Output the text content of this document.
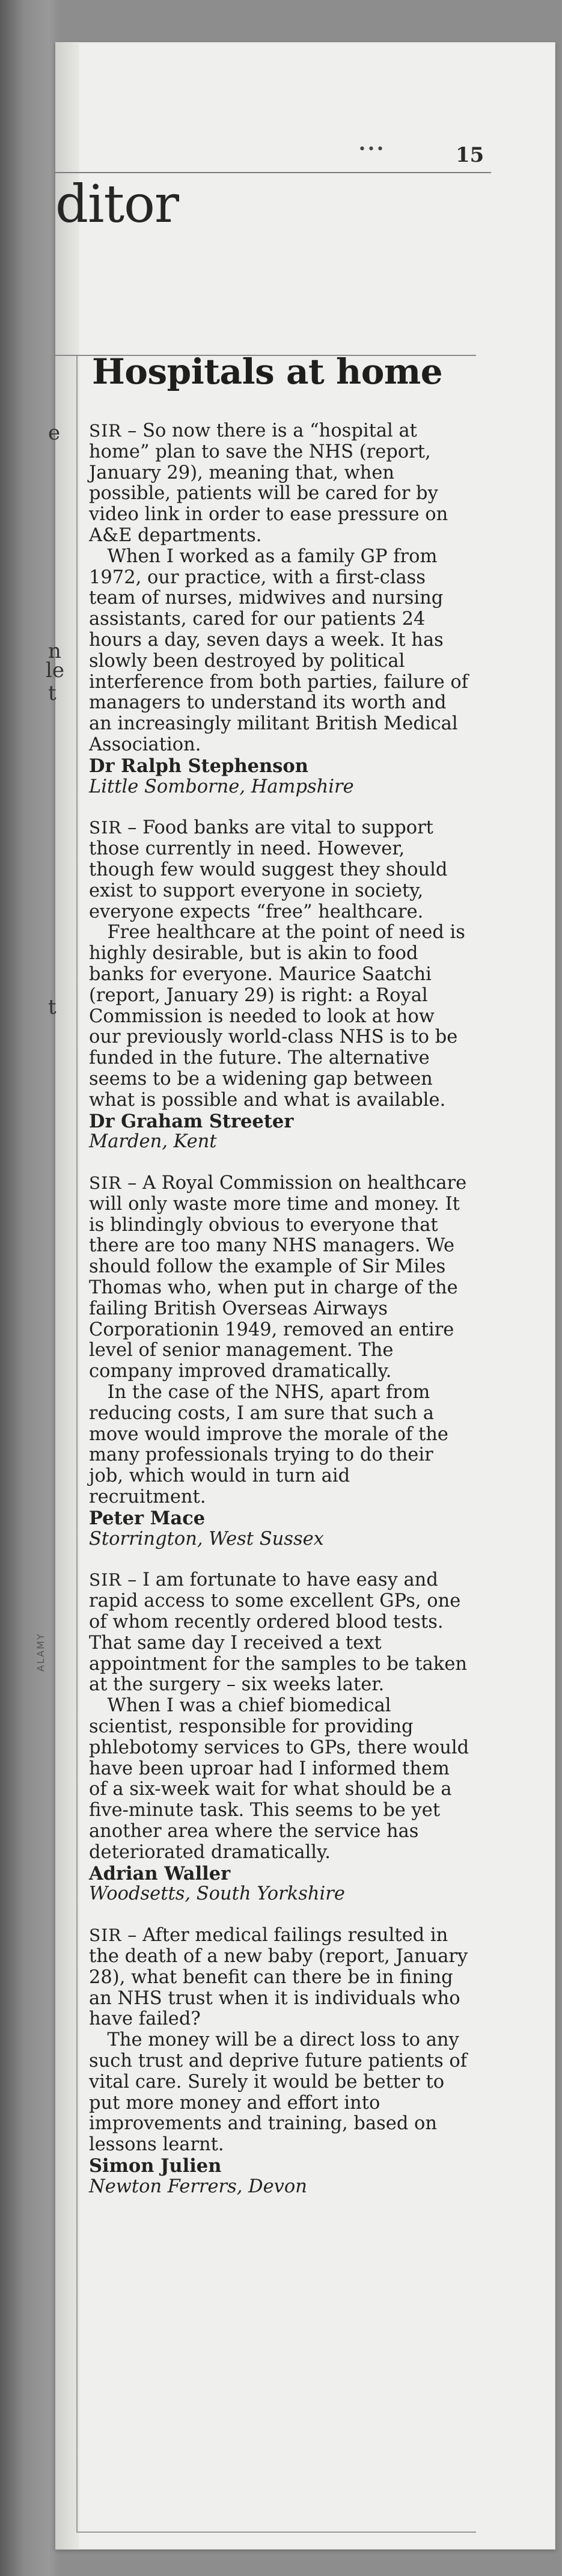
•••	15
ditor
e
n
le
t
t
ALAMY
Hospitals at home

SIR – So now there is a “hospital at home” plan to save the NHS (report, January 29), meaning that, when possible, patients will be cared for by video link in order to ease pressure on A&E departments.

When I worked as a family GP from 1972, our practice, with a first-class team of nurses, midwives and nursing assistants, cared for our patients 24 hours a day, seven days a week. It has slowly been destroyed by political interference from both parties, failure of managers to understand its worth and an increasingly militant British Medical Association.

Dr Ralph Stephenson
Little Somborne, Hampshire

SIR – Food banks are vital to support those currently in need. However, though few would suggest they should exist to support everyone in society, everyone expects “free” healthcare.

Free healthcare at the point of need is highly desirable, but is akin to food banks for everyone. Maurice Saatchi (report, January 29) is right: a Royal Commission is needed to look at how our previously world-class NHS is to be funded in the future. The alternative seems to be a widening gap between what is possible and what is available.

Dr Graham Streeter
Marden, Kent

SIR – A Royal Commission on healthcare will only waste more time and money. It is blindingly obvious to everyone that there are too many NHS managers. We should follow the example of Sir Miles Thomas who, when put in charge of the failing British Overseas Airways Corporationin 1949, removed an entire level of senior management. The company improved dramatically.

In the case of the NHS, apart from reducing costs, I am sure that such a move would improve the morale of the many professionals trying to do their job, which would in turn aid recruitment.

Peter Mace
Storrington, West Sussex

SIR – I am fortunate to have easy and rapid access to some excellent GPs, one of whom recently ordered blood tests. That same day I received a text appointment for the samples to be taken at the surgery – six weeks later.

When I was a chief biomedical scientist, responsible for providing phlebotomy services to GPs, there would have been uproar had I informed them of a six-week wait for what should be a five-minute task. This seems to be yet another area where the service has deteriorated dramatically.

Adrian Waller
Woodsetts, South Yorkshire

SIR – After medical failings resulted in the death of a new baby (report, January 28), what benefit can there be in fining an NHS trust when it is individuals who have failed?

The money will be a direct loss to any such trust and deprive future patients of vital care. Surely it would be better to put more money and effort into improvements and training, based on lessons learnt.

Simon Julien
Newton Ferrers, Devon
